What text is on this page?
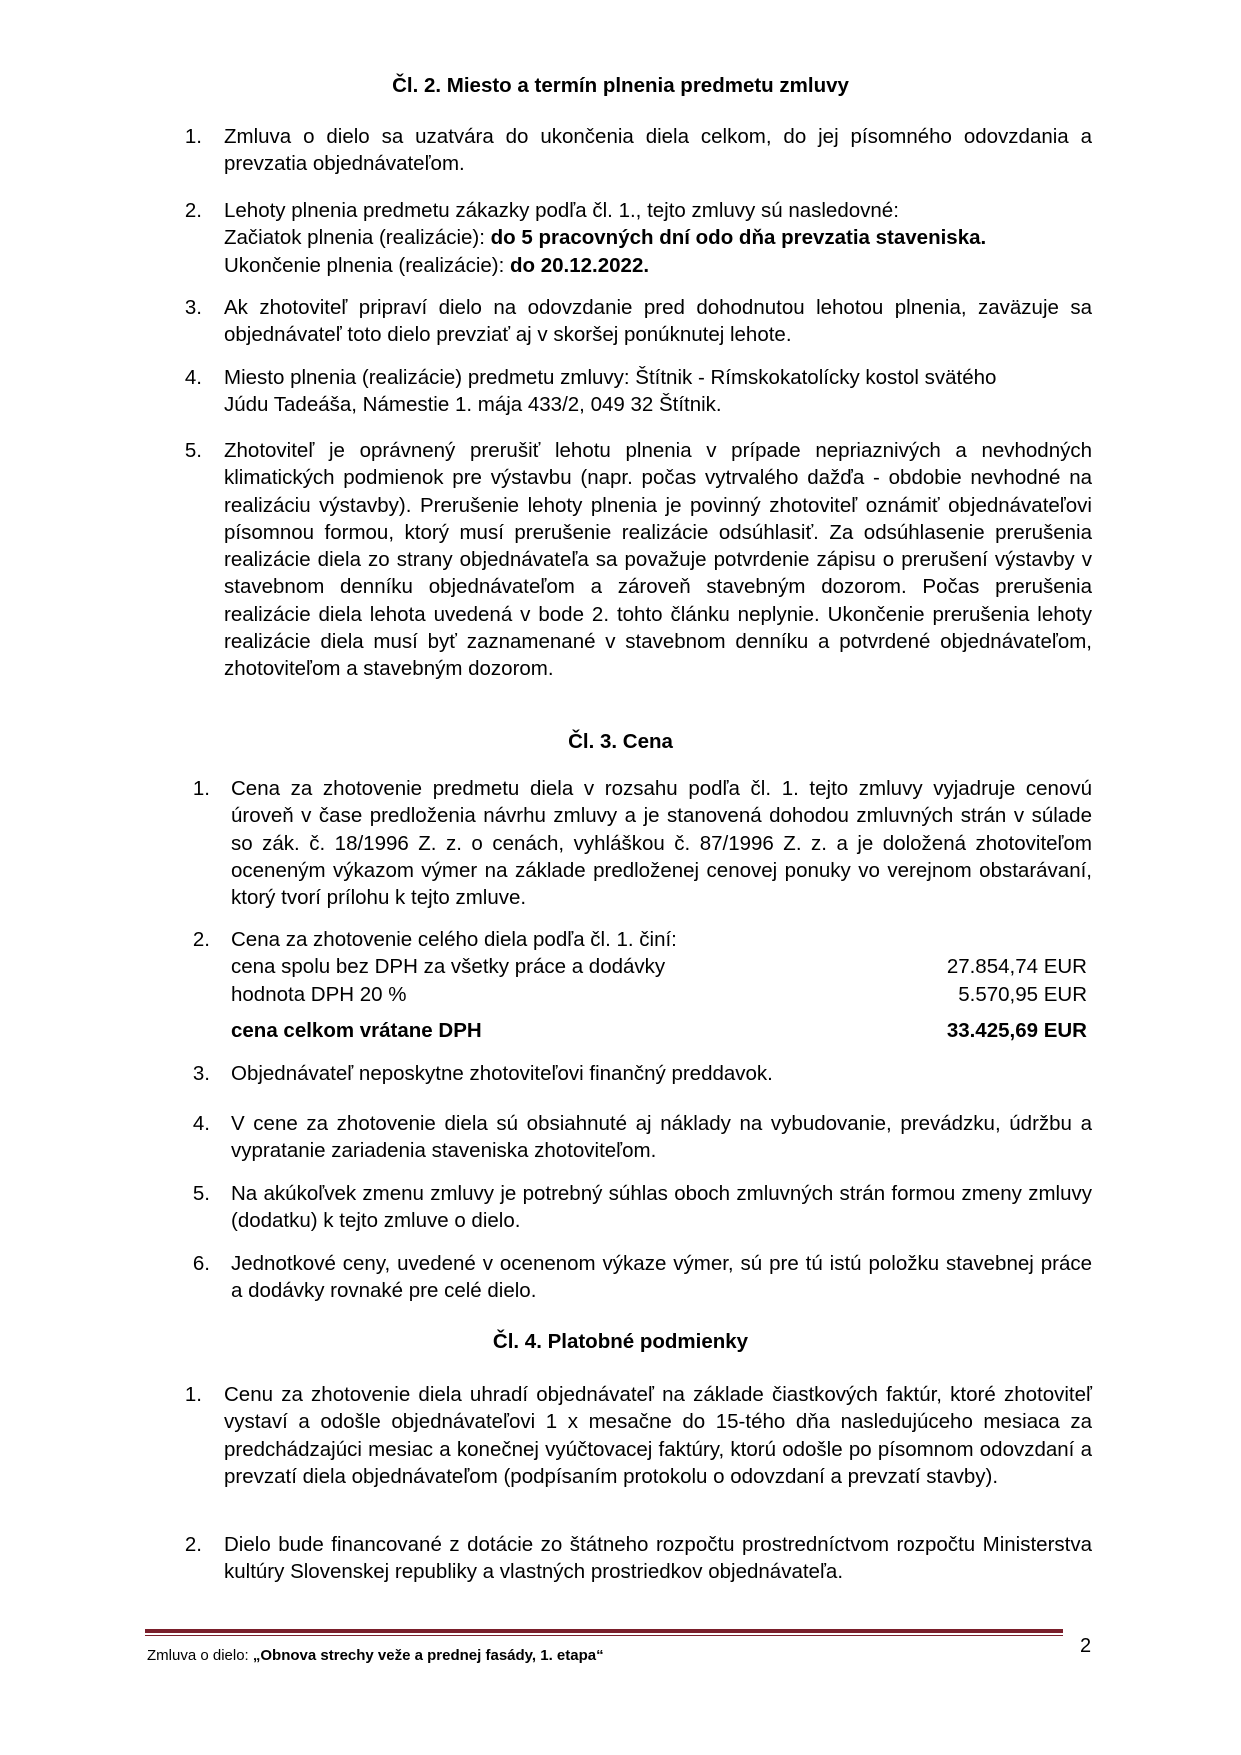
Čl. 2. Miesto a termín plnenia predmetu zmluvy
1. Zmluva o dielo sa uzatvára do ukončenia diela celkom, do jej písomného odovzdania a prevzatia objednávateľom.
2. Lehoty plnenia predmetu zákazky podľa čl. 1., tejto zmluvy sú nasledovné:
Začiatok plnenia (realizácie): do 5 pracovných dní odo dňa prevzatia staveniska.
Ukončenie plnenia (realizácie): do 20.12.2022.
3. Ak zhotoviteľ pripraví dielo na odovzdanie pred dohodnutou lehotou plnenia, zaväzuje sa objednávateľ toto dielo prevziať aj v skoršej ponúknutej lehote.
4. Miesto plnenia (realizácie) predmetu zmluvy: Štítnik - Rímskokatolícky kostol svätého
Júdu Tadeáša, Námestie 1. mája 433/2, 049 32 Štítnik.
5. Zhotoviteľ je oprávnený prerušiť lehotu plnenia v prípade nepriaznivých a nevhodných klimatických podmienok pre výstavbu (napr. počas vytrvalého dažďa - obdobie nevhodné na realizáciu výstavby). Prerušenie lehoty plnenia je povinný zhotoviteľ oznámiť objednávateľovi písomnou formou, ktorý musí prerušenie realizácie odsúhlasiť. Za odsúhlasenie prerušenia realizácie diela zo strany objednávateľa sa považuje potvrdenie zápisu o prerušení výstavby v stavebnom denníku objednávateľom a zároveň stavebným dozorom. Počas prerušenia realizácie diela lehota uvedená v bode 2. tohto článku neplynie. Ukončenie prerušenia lehoty realizácie diela musí byť zaznamenané v stavebnom denníku a potvrdené objednávateľom, zhotoviteľom a stavebným dozorom.
Čl. 3. Cena
1. Cena za zhotovenie predmetu diela v rozsahu podľa čl. 1. tejto zmluvy vyjadruje cenovú úroveň v čase predloženia návrhu zmluvy a je stanovená dohodou zmluvných strán v súlade so zák. č. 18/1996 Z. z. o cenách, vyhláškou č. 87/1996 Z. z. a je doložená zhotoviteľom oceneným výkazom výmer na základe predloženej cenovej ponuky vo verejnom obstarávaní, ktorý tvorí prílohu k tejto zmluve.
2. Cena za zhotovenie celého diela podľa čl. 1. činí:
cena spolu bez DPH za všetky práce a dodávky	27.854,74 EUR
hodnota DPH 20 %	5.570,95 EUR
cena celkom vrátane DPH	33.425,69 EUR
3. Objednávateľ neposkytne zhotoviteľovi finančný preddavok.
4. V cene za zhotovenie diela sú obsiahnuté aj náklady na vybudovanie, prevádzku, údržbu a vypratanie zariadenia staveniska zhotoviteľom.
5. Na akúkoľvek zmenu zmluvy je potrebný súhlas oboch zmluvných strán formou zmeny zmluvy (dodatku) k tejto zmluve o dielo.
6. Jednotkové ceny, uvedené v ocenenom výkaze výmer, sú pre tú istú položku stavebnej práce a dodávky rovnaké pre celé dielo.
Čl. 4. Platobné podmienky
1. Cenu za zhotovenie diela uhradí objednávateľ na základe čiastkových faktúr, ktoré zhotoviteľ vystaví a odošle objednávateľovi 1 x mesačne do 15-tého dňa nasledujúceho mesiaca za predchádzajúci mesiac a konečnej vyúčtovacej faktúry, ktorú odošle po písomnom odovzdaní a prevzatí diela objednávateľom (podpísaním protokolu o odovzdaní a prevzatí stavby).
2. Dielo bude financované z dotácie zo štátneho rozpočtu prostredníctvom rozpočtu Ministerstva kultúry Slovenskej republiky a vlastných prostriedkov objednávateľa.
Zmluva o dielo: „Obnova strechy veže a prednej fasády, 1. etapa“	2
